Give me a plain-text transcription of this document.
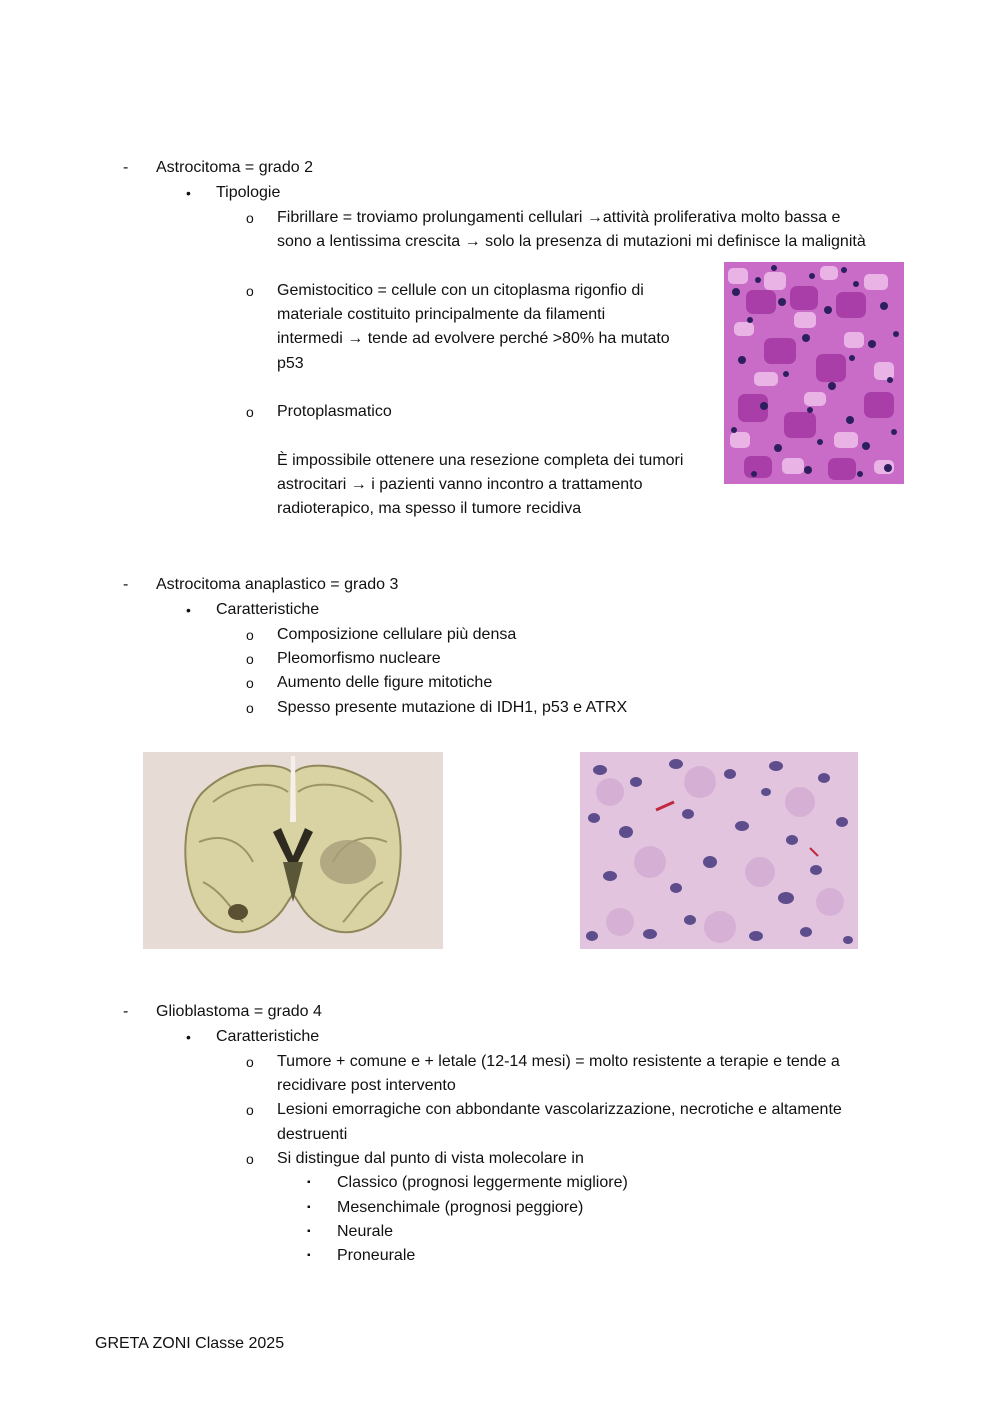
- Astrocitoma = grado 2
• Tipologie
o Fibrillare = troviamo prolungamenti cellulari →attività proliferativa molto bassa e
sono a lentissima crescita → solo la presenza di mutazioni mi definisce la malignità
o Gemistocitico = cellule con un citoplasma rigonfio di
materiale costituito principalmente da filamenti
intermedi → tende ad evolvere perché >80% ha mutato
p53
o Protoplasmatico
È impossibile ottenere una resezione completa dei tumori
astrocitari → i pazienti vanno incontro a trattamento
radioterapico, ma spesso il tumore recidiva
- Astrocitoma anaplastico = grado 3
• Caratteristiche
o Composizione cellulare più densa
o Pleomorfismo nucleare
o Aumento delle figure mitotiche
o Spesso presente mutazione di IDH1, p53 e ATRX
- Glioblastoma = grado 4
• Caratteristiche
o Tumore + comune e + letale (12-14 mesi) = molto resistente a terapie e tende a
recidivare post intervento
o Lesioni emorragiche con abbondante vascolarizzazione, necrotiche e altamente
destruenti
o Si distingue dal punto di vista molecolare in
▪ Classico (prognosi leggermente migliore)
▪ Mesenchimale (prognosi peggiore)
▪ Neurale
▪ Proneurale
GRETA ZONI Classe 2025
